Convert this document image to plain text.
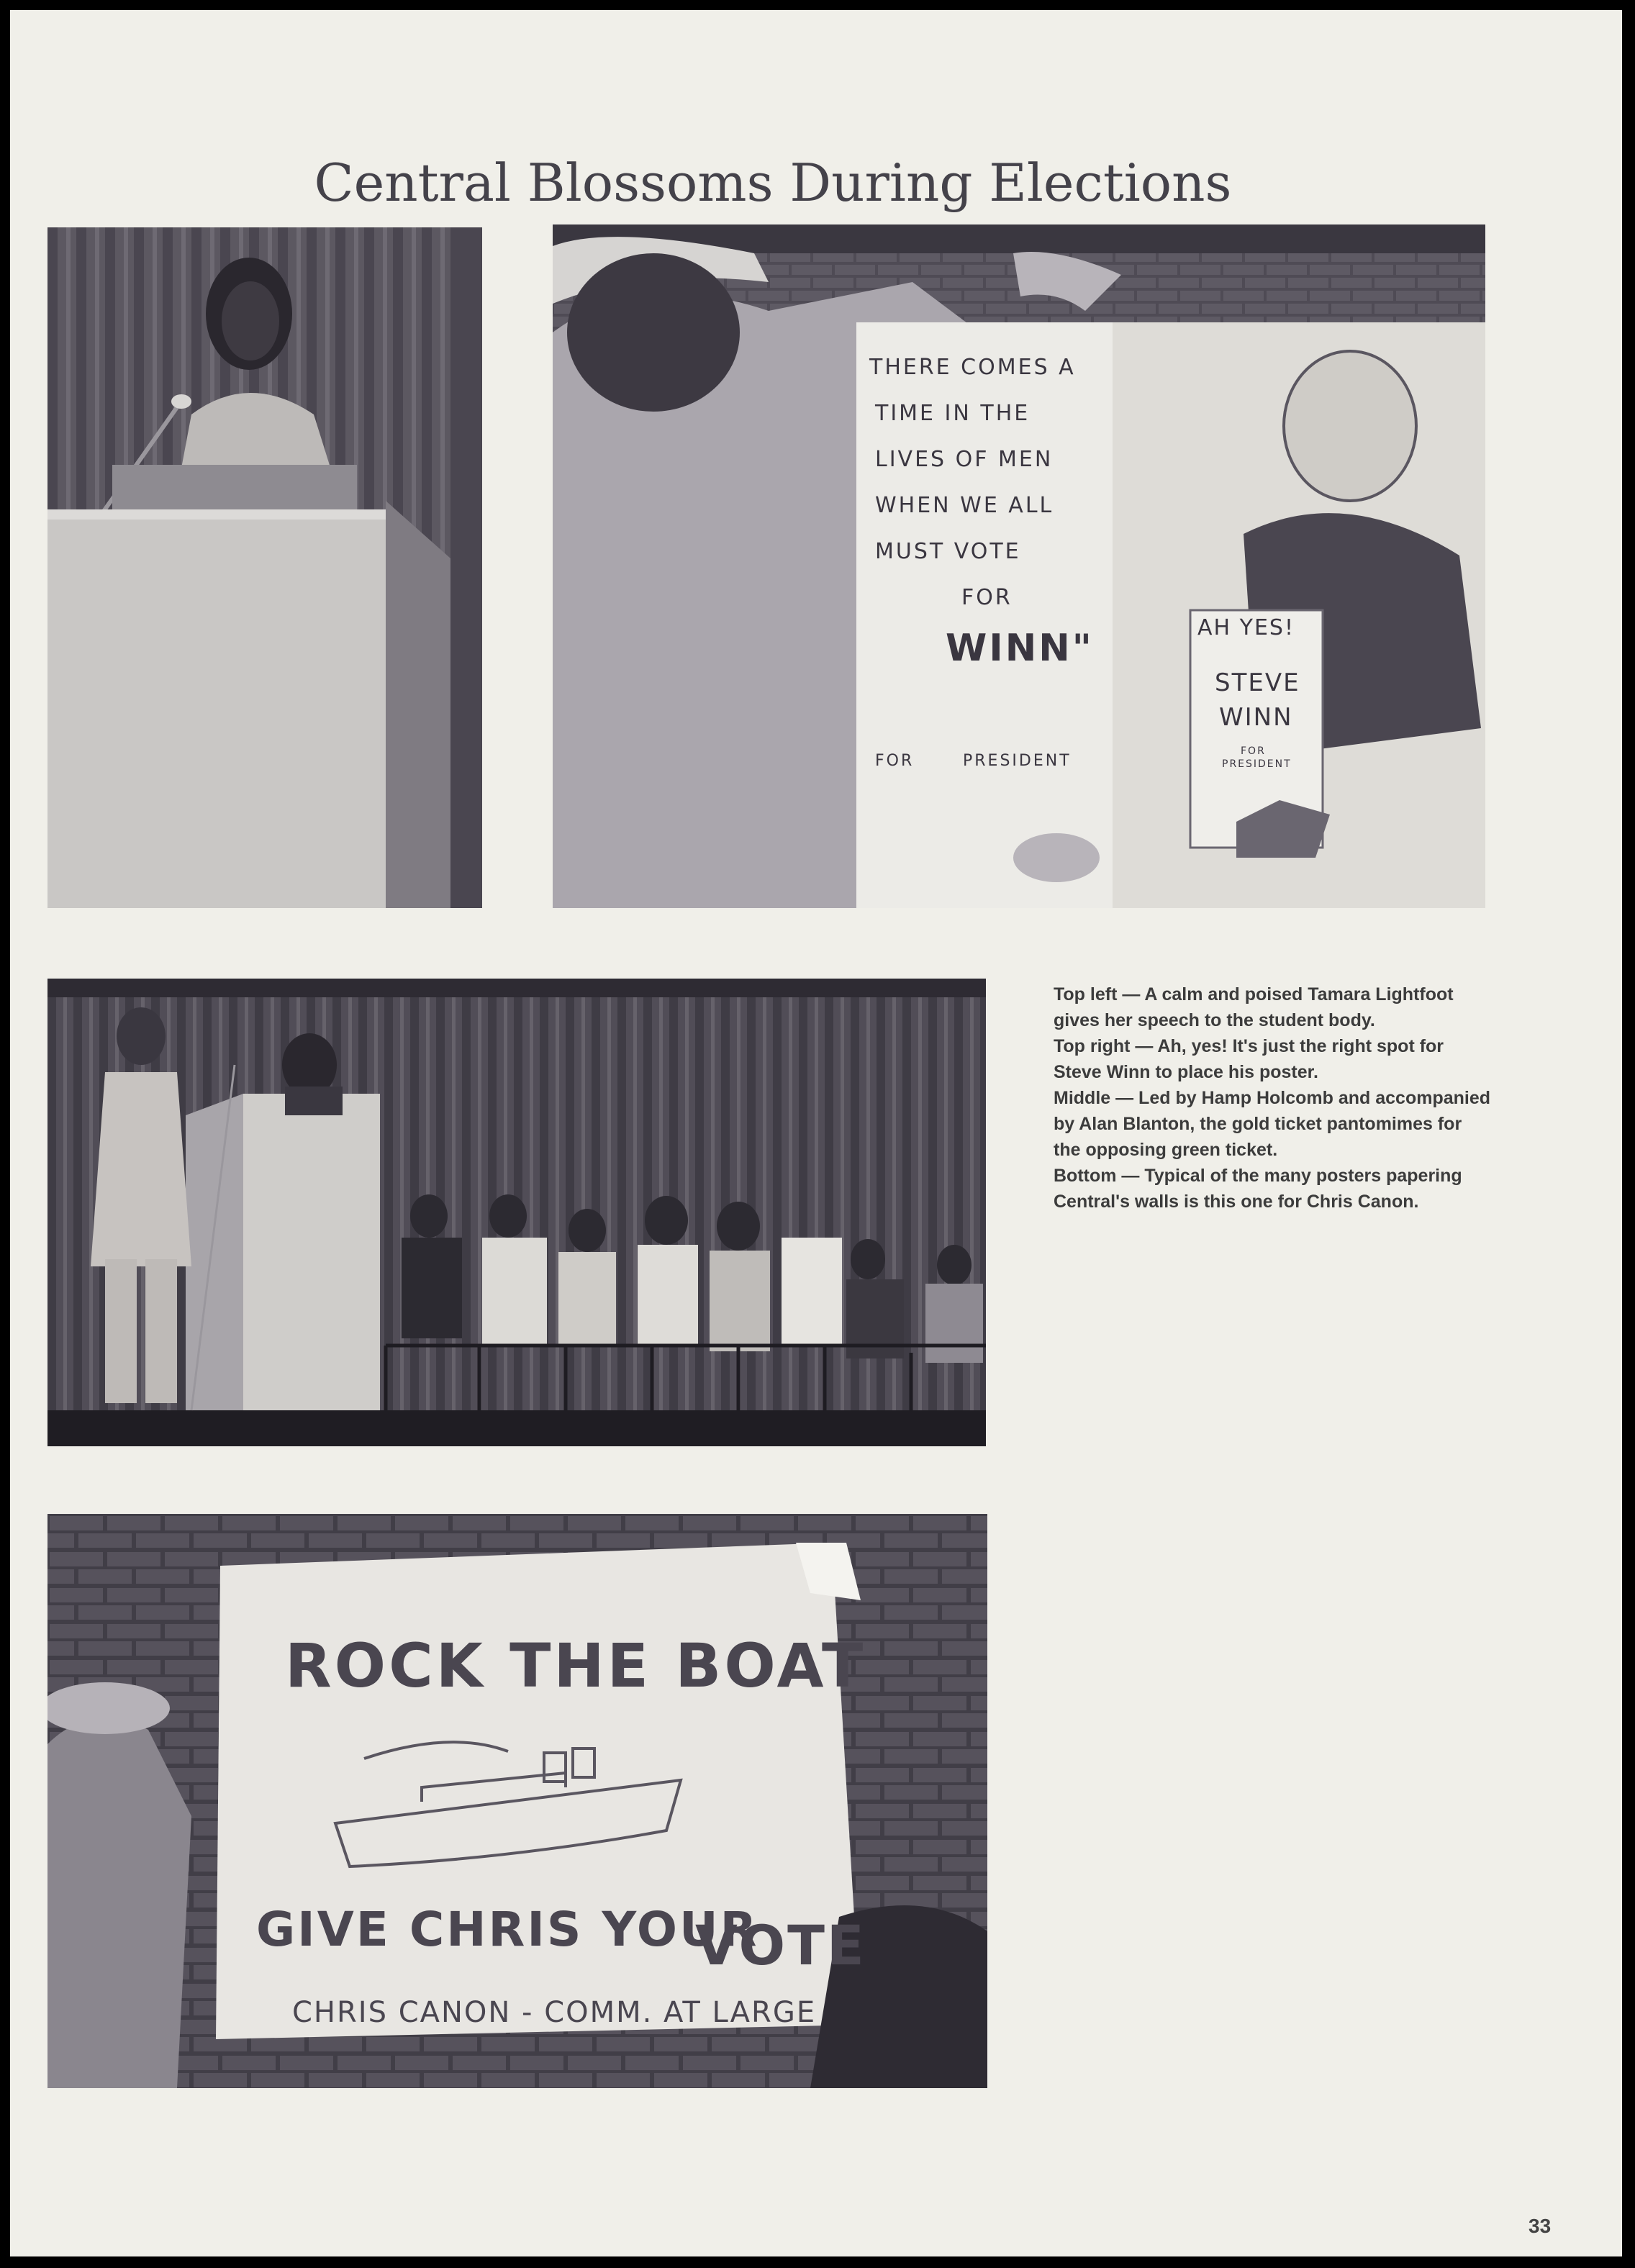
Central Blossoms During Elections
THERE COMES A
TIME IN THE
LIVES OF MEN
WHEN WE ALL
MUST VOTE
FOR
WINN"
FOR	PRESIDENT
AH YES!
STEVE
WINN
FOR
PRESIDENT
ROCK THE BOAT
GIVE CHRIS YOUR
VOTE
CHRIS CANON - COMM. AT LARGE

Top left — A calm and poised Tamara Lightfoot gives her speech to the student body.

Top right — Ah, yes! It's just the right spot for Steve Winn to place his poster.

Middle — Led by Hamp Holcomb and accompanied by Alan Blanton, the gold ticket pantomimes for the opposing green ticket.

Bottom — Typical of the many posters papering Central's walls is this one for Chris Canon.

33
